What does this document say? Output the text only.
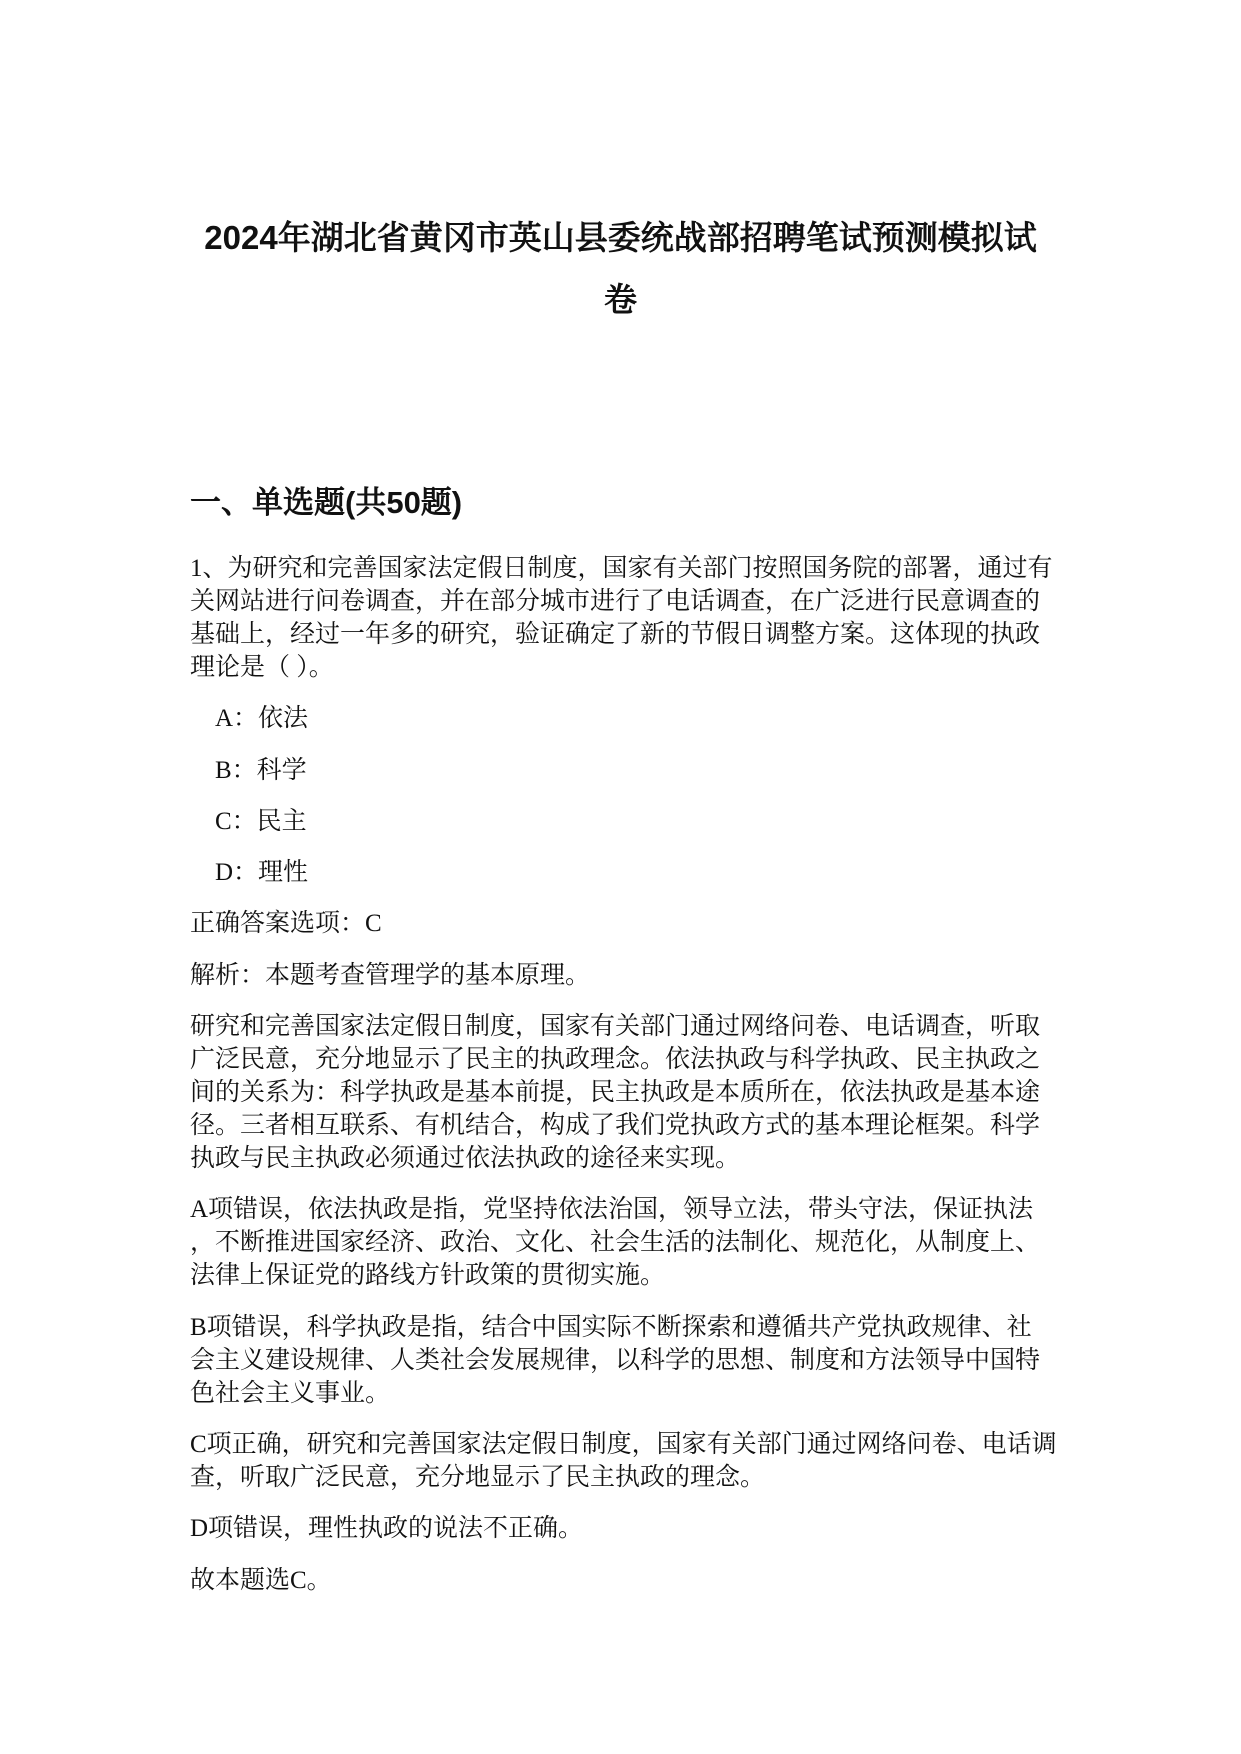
2024年湖北省黄冈市英山县委统战部招聘笔试预测模拟试
卷
一、单选题(共50题)
1、为研究和完善国家法定假日制度，国家有关部门按照国务院的部署，通过有
关网站进行问卷调查，并在部分城市进行了电话调查，在广泛进行民意调查的
基础上，经过一年多的研究，验证确定了新的节假日调整方案。这体现的执政
理论是（ ）。
A：依法
B：科学
C：民主
D：理性
正确答案选项：C
解析：本题考查管理学的基本原理。
研究和完善国家法定假日制度，国家有关部门通过网络问卷、电话调查，听取
广泛民意，充分地显示了民主的执政理念。依法执政与科学执政、民主执政之
间的关系为：科学执政是基本前提，民主执政是本质所在，依法执政是基本途
径。三者相互联系、有机结合，构成了我们党执政方式的基本理论框架。科学
执政与民主执政必须通过依法执政的途径来实现。
A项错误，依法执政是指，党坚持依法治国，领导立法，带头守法，保证执法
，不断推进国家经济、政治、文化、社会生活的法制化、规范化，从制度上、
法律上保证党的路线方针政策的贯彻实施。
B项错误，科学执政是指，结合中国实际不断探索和遵循共产党执政规律、社
会主义建设规律、人类社会发展规律，以科学的思想、制度和方法领导中国特
色社会主义事业。
C项正确，研究和完善国家法定假日制度，国家有关部门通过网络问卷、电话调
查，听取广泛民意，充分地显示了民主执政的理念。
D项错误，理性执政的说法不正确。
故本题选C。
